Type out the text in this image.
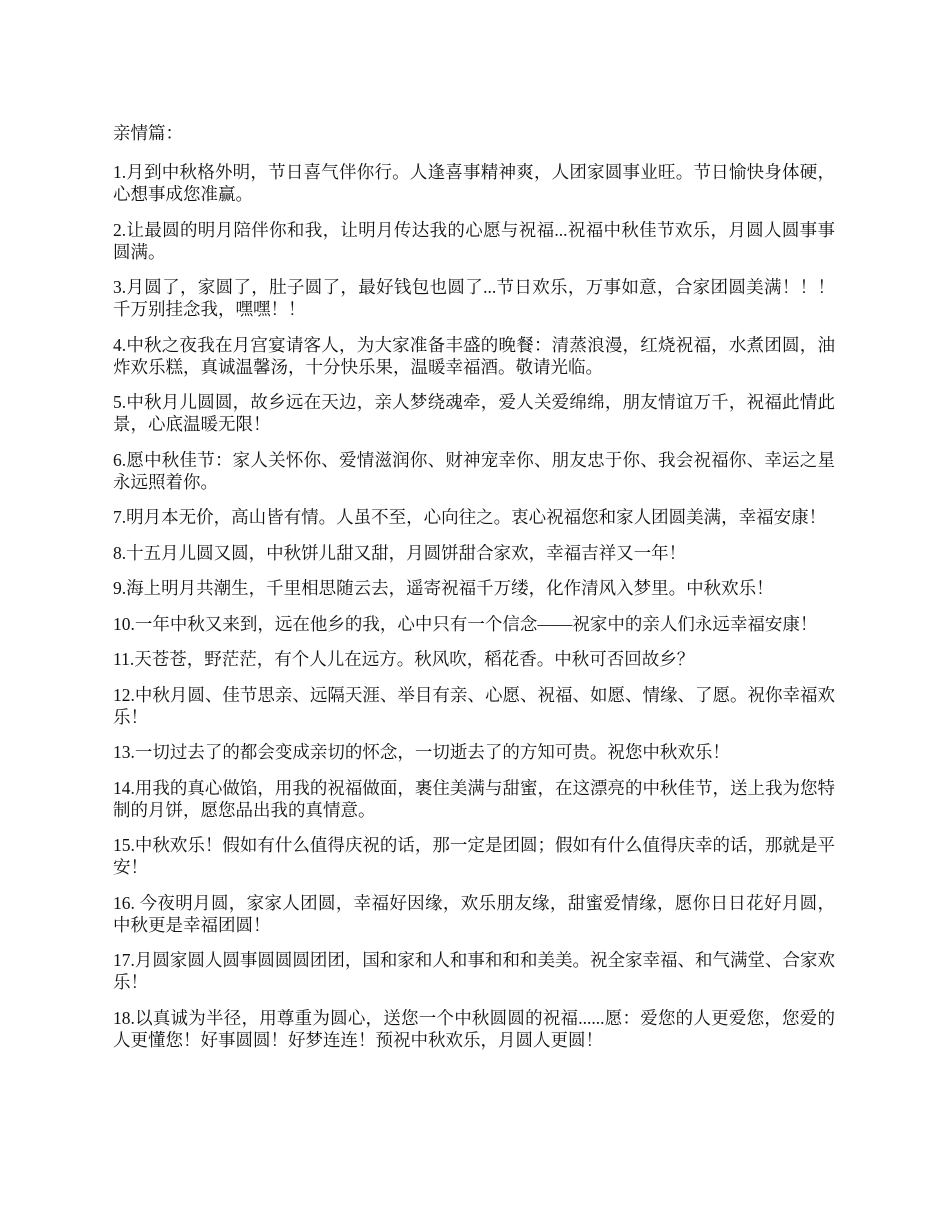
亲情篇：

1.月到中秋格外明，节日喜气伴你行。人逢喜事精神爽，人团家圆事业旺。节日愉快身体硬，心想事成您准赢。

2.让最圆的明月陪伴你和我，让明月传达我的心愿与祝福...祝福中秋佳节欢乐，月圆人圆事事圆满。

3.月圆了，家圆了，肚子圆了，最好钱包也圆了...节日欢乐，万事如意，合家团圆美满！！！千万别挂念我，嘿嘿！！

4.中秋之夜我在月宫宴请客人，为大家准备丰盛的晚餐：清蒸浪漫，红烧祝福，水煮团圆，油炸欢乐糕，真诚温馨汤，十分快乐果，温暖幸福酒。敬请光临。

5.中秋月儿圆圆，故乡远在天边，亲人梦绕魂牵，爱人关爱绵绵，朋友情谊万千，祝福此情此景，心底温暖无限！

6.愿中秋佳节：家人关怀你、爱情滋润你、财神宠幸你、朋友忠于你、我会祝福你、幸运之星永远照着你。

7.明月本无价，高山皆有情。人虽不至，心向往之。衷心祝福您和家人团圆美满，幸福安康！

8.十五月儿圆又圆，中秋饼儿甜又甜，月圆饼甜合家欢，幸福吉祥又一年！

9.海上明月共潮生，千里相思随云去，遥寄祝福千万缕，化作清风入梦里。中秋欢乐！

10.一年中秋又来到，远在他乡的我，心中只有一个信念——祝家中的亲人们永远幸福安康！

11.天苍苍，野茫茫，有个人儿在远方。秋风吹，稻花香。中秋可否回故乡？

12.中秋月圆、佳节思亲、远隔天涯、举目有亲、心愿、祝福、如愿、情缘、了愿。祝你幸福欢乐！

13.一切过去了的都会变成亲切的怀念，一切逝去了的方知可贵。祝您中秋欢乐！

14.用我的真心做馅，用我的祝福做面，裹住美满与甜蜜，在这漂亮的中秋佳节，送上我为您特制的月饼，愿您品出我的真情意。

15.中秋欢乐！假如有什么值得庆祝的话，那一定是团圆；假如有什么值得庆幸的话，那就是平安！

16. 今夜明月圆，家家人团圆，幸福好因缘，欢乐朋友缘，甜蜜爱情缘，愿你日日花好月圆，中秋更是幸福团圆！

17.月圆家圆人圆事圆圆圆团团，国和家和人和事和和和美美。祝全家幸福、和气满堂、合家欢乐！

18.以真诚为半径，用尊重为圆心，送您一个中秋圆圆的祝福......愿：爱您的人更爱您，您爱的人更懂您！好事圆圆！好梦连连！预祝中秋欢乐，月圆人更圆！
